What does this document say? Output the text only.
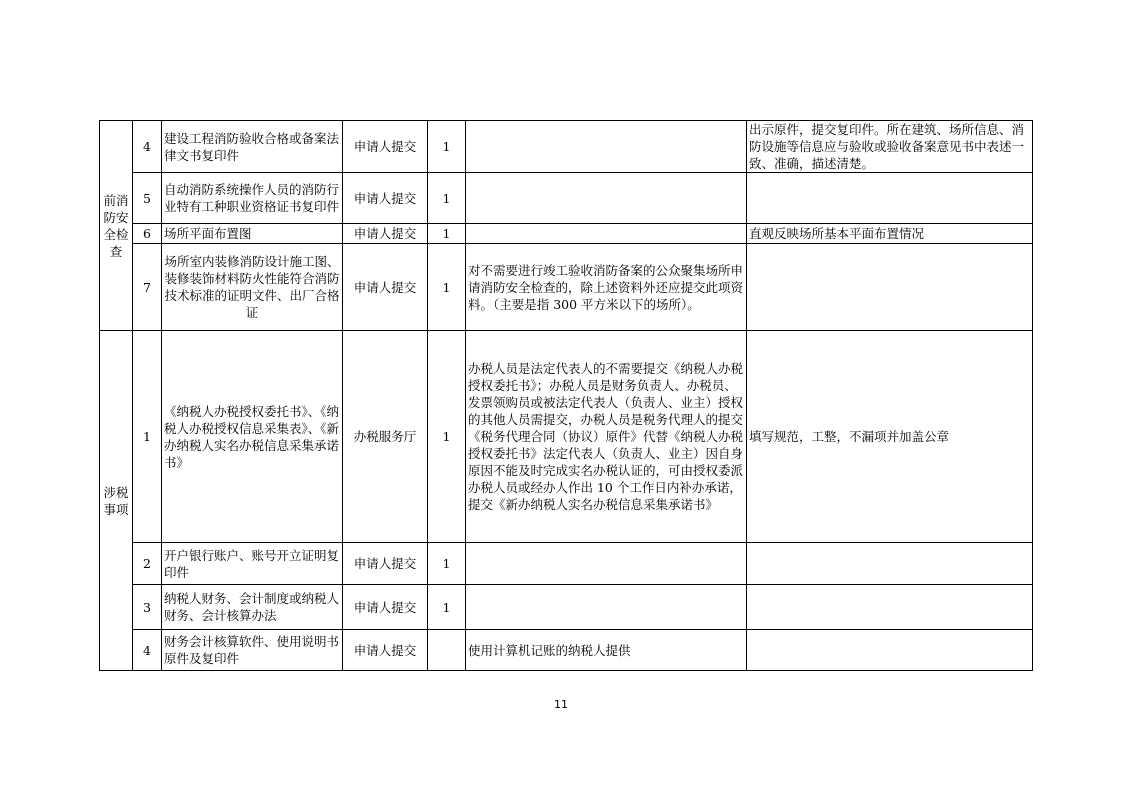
前消防安全检查	4	建设工程消防验收合格或备案法律文书复印件	申请人提交	1		出示原件，提交复印件。所在建筑、场所信息、消防设施等信息应与验收或验收备案意见书中表述一致、准确，描述清楚。
	5	自动消防系统操作人员的消防行业特有工种职业资格证书复印件	申请人提交	1		
	6	场所平面布置图	申请人提交	1		直观反映场所基本平面布置情况
	7	场所室内装修消防设计施工图、装修装饰材料防火性能符合消防技术标准的证明文件、出厂合格证	申请人提交	1	对不需要进行竣工验收消防备案的公众聚集场所申请消防安全检查的，除上述资料外还应提交此项资料。（主要是指 300 平方米以下的场所）。	
涉税事项	1	《纳税人办税授权委托书》、《纳税人办税授权信息采集表》、《新办纳税人实名办税信息采集承诺书》	办税服务厅	1	办税人员是法定代表人的不需要提交《纳税人办税授权委托书》；办税人员是财务负责人、办税员、发票领购员或被法定代表人（负责人、业主）授权的其他人员需提交，办税人员是税务代理人的提交《税务代理合同（协议）原件》代替《纳税人办税授权委托书》法定代表人（负责人、业主）因自身原因不能及时完成实名办税认证的，可由授权委派办税人员或经办人作出 10 个工作日内补办承诺，提交《新办纳税人实名办税信息采集承诺书》	填写规范，工整，不漏项并加盖公章
	2	开户银行账户、账号开立证明复印件	申请人提交	1		
	3	纳税人财务、会计制度或纳税人财务、会计核算办法	申请人提交	1		
	4	财务会计核算软件、使用说明书原件及复印件	申请人提交		使用计算机记账的纳税人提供	
11
